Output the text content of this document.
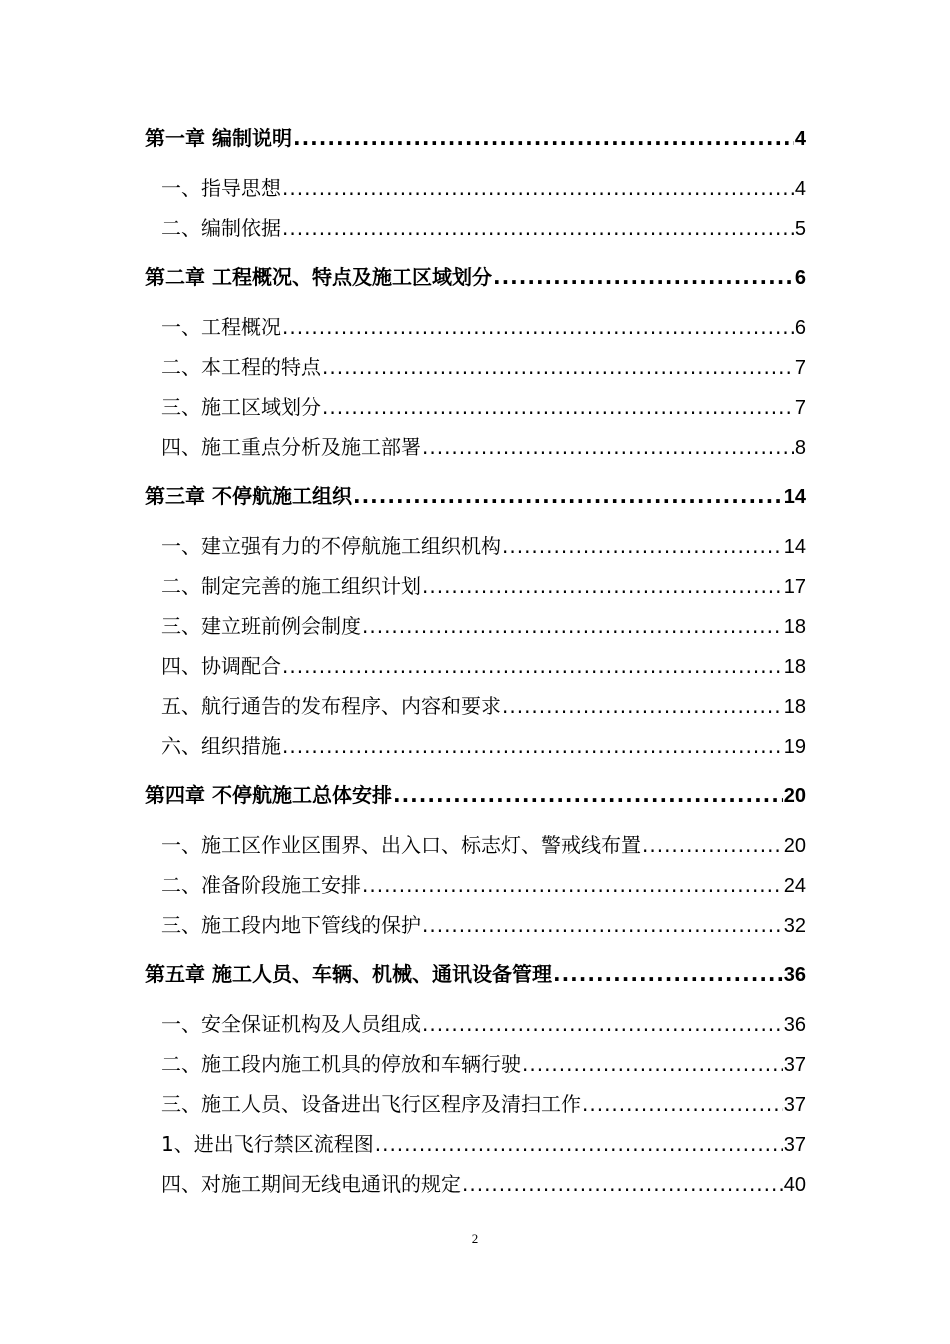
第一章 编制说明 .....	4
一、指导思想 .....	4
二、编制依据 .....	5
第二章 工程概况、特点及施工区域划分 .....	6
一、工程概况 .....	6
二、本工程的特点 .....	7
三、施工区域划分 .....	7
四、施工重点分析及施工部署 .....	8
第三章 不停航施工组织 .....	14
一、建立强有力的不停航施工组织机构 .....	14
二、制定完善的施工组织计划 .....	17
三、建立班前例会制度 .....	18
四、协调配合 .....	18
五、航行通告的发布程序、内容和要求 .....	18
六、组织措施 .....	19
第四章 不停航施工总体安排 .....	20
一、施工区作业区围界、出入口、标志灯、警戒线布置 .....	20
二、准备阶段施工安排 .....	24
三、施工段内地下管线的保护 .....	32
第五章 施工人员、车辆、机械、通讯设备管理 .....	36
一、安全保证机构及人员组成 .....	36
二、施工段内施工机具的停放和车辆行驶 .....	37
三、施工人员、设备进出飞行区程序及清扫工作 .....	37
1、进出飞行禁区流程图 .....	37
四、对施工期间无线电通讯的规定 .....	40
2
